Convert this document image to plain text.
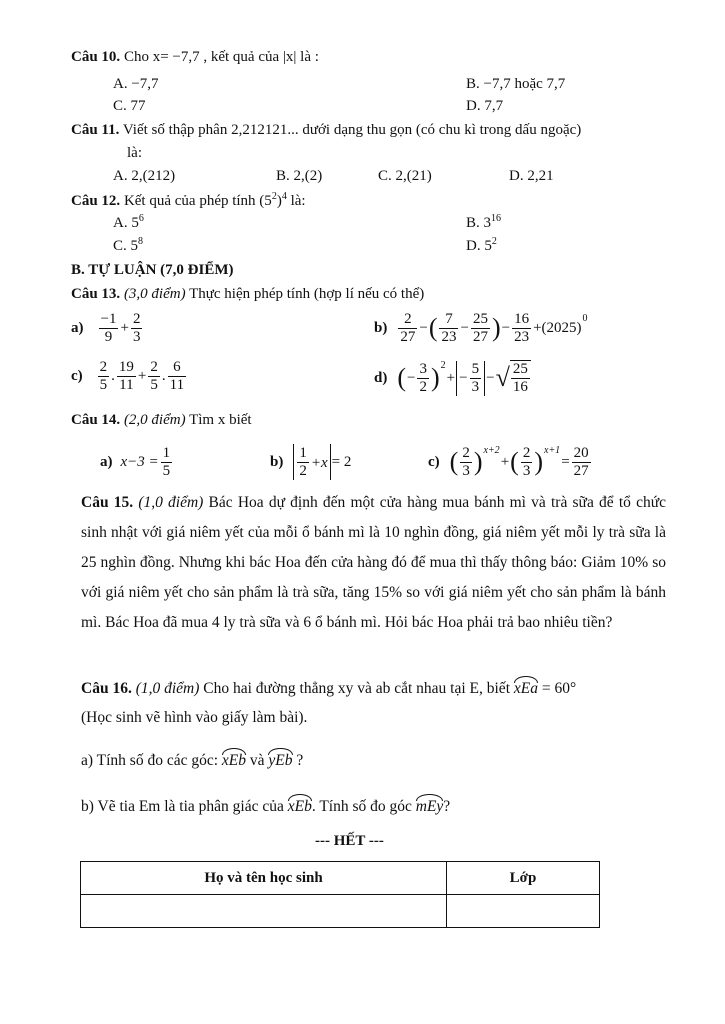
Câu 10. Cho x= −7,7 , kết quả của |x| là :
A. −7,7	B. −7,7 hoặc 7,7
C. 77	D. 7,7
Câu 11. Viết số thập phân 2,212121... dưới dạng thu gọn (có chu kì trong dấu ngoặc)
là:
A. 2,(212)	B. 2,(2)	C. 2,(21)	D. 2,21
Câu 12. Kết quả của phép tính $(5^2)^4$ là:
A. $5^6$	B. $3^{16}$
C. $5^8$	D. $5^2$
B. TỰ LUẬN (7,0 ĐIỂM)
Câu 13. (3,0 điểm) Thực hiện phép tính (hợp lí nếu có thể)
$a) \frac{-1}{9} + \frac{2}{3}$	$b) \frac{2}{27}$ − ( $\frac{7}{23} - \frac{25}{27}$ ) − $\frac{16}{23} +(2025)$
0
$c) \frac{2}{5}$ . $\frac{19}{11} + \frac{2}{5}$ . $\frac{6}{11}$	d) ( − $\frac{3}{2}$ ) 2
+ − $\frac{5}{3}$ − √ $\frac{25}{16}$
Câu 14. (2,0 điểm) Tìm x biết
a) $x-3 = \frac{1}{5}$	$b) \frac{1}{2} +x = 2$	c) ( $\frac{2}{3}$ ) x+2
+ ( $\frac{2}{3}$ ) x+1
= $\frac{20}{27}$
Câu 15. (1,0 điểm) Bác Hoa dự định đến một cửa hàng mua bánh mì và trà sữa để tổ chức sinh nhật với giá niêm yết của mỗi ổ bánh mì là 10 nghìn đồng, giá niêm yết mỗi ly trà sữa là 25 nghìn đồng. Nhưng khi bác Hoa đến cửa hàng đó để mua thì thấy thông báo: Giảm 10% so với giá niêm yết cho sản phẩm là trà sữa, tăng 15% so với giá niêm yết cho sản phẩm là bánh mì. Bác Hoa đã mua 4 ly trà sữa và 6 ổ bánh mì. Hỏi bác Hoa phải trả bao nhiêu tiền?
Câu 16. (1,0 điểm) Cho hai đường thẳng xy và ab cắt nhau tại E, biết xEa = 60°
(Học sinh vẽ hình vào giấy làm bài).
a) Tính số đo các góc: xEb và yEb ?
b) Vẽ tia Em là tia phân giác của xEb. Tính số đo góc mEy?
--- HẾT ---
Họ và tên học sinh	Lớp
